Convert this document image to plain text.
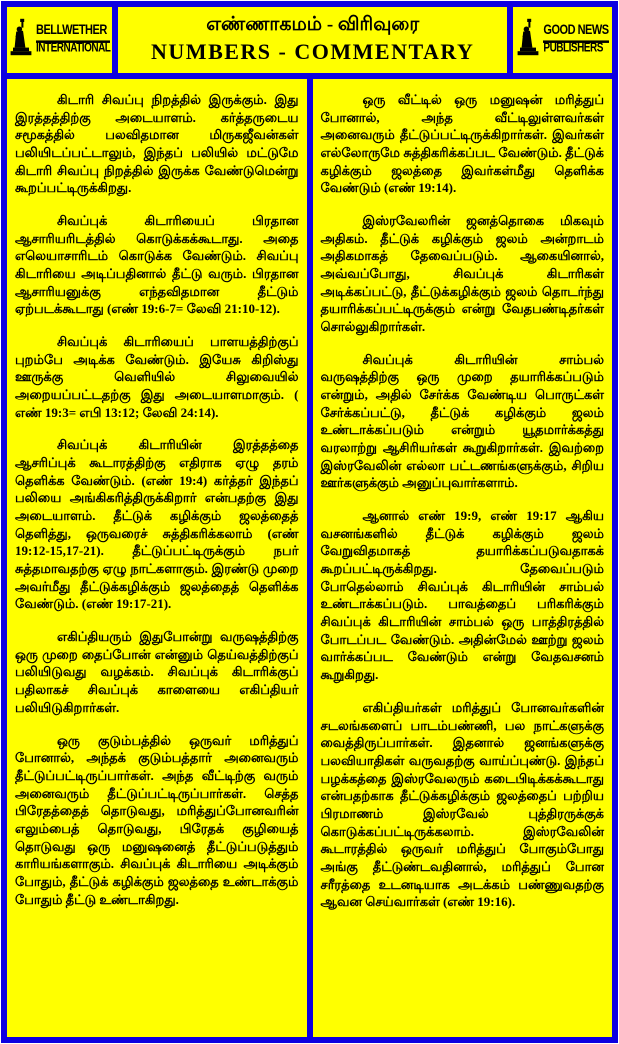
BELLWETHER
INTERNATIONAL
எண்ணாகமம் - விரிவுரை
NUMBERS - COMMENTARY
GOOD NEWS
PUBLISHERS

கிடாரி சிவப்பு நிறத்தில் இருக்கும். இது இரத்தத்திற்கு அடையாளம். கர்த்தருடைய சமூகத்தில் பலவிதமான மிருகஜீவன்கள் பலியிடப்பட்டாலும், இந்தப் பலியில் மட்டுமே கிடாரி சிவப்பு நிறத்தில் இருக்க வேண்டுமென்று கூறப்பட்டிருக்கிறது.

சிவப்புக் கிடாரியைப் பிரதான ஆசாரியரிடத்தில் கொடுக்கக்கூடாது. அதை எலெயாசாரிடம் கொடுக்க வேண்டும். சிவப்பு கிடாரியை அடிப்பதினால் தீட்டு வரும். பிரதான ஆசாரியனுக்கு எந்தவிதமான தீட்டும் ஏற்படக்கூடாது (எண் 19:6-7= லேவி 21:10-12).

சிவப்புக் கிடாரியைப் பாளயத்திற்குப் புறம்பே அடிக்க வேண்டும். இயேசு கிறிஸ்து ஊருக்கு வெளியில் சிலுவையில் அறையப்பட்டதற்கு இது அடையாளமாகும். ( எண் 19:3= எபி 13:12; லேவி 24:14).

சிவப்புக் கிடாரியின் இரத்தத்தை ஆசரிப்புக் கூடாரத்திற்கு எதிராக ஏழு தரம் தெளிக்க வேண்டும். (எண் 19:4) கர்த்தர் இந்தப் பலியை அங்கிகரித்திருக்கிறார் என்பதற்கு இது அடையாளம். தீட்டுக் கழிக்கும் ஜலத்தைத் தெளித்து, ஒருவரைச் சுத்திகரிக்கலாம் (எண் 19:12-15,17-21). தீட்டுப்பட்டிருக்கும் நபர் சுத்தமாவதற்கு ஏழு நாட்களாகும். இரண்டு முறை அவர்மீது தீட்டுக்கழிக்கும் ஜலத்தைத் தெளிக்க வேண்டும். (எண் 19:17-21).

எகிப்தியரும் இதுபோன்று வருஷத்திற்கு ஒரு முறை தைப்போன் என்னும் தெய்வத்திற்குப் பலியிடுவது வழக்கம். சிவப்புக் கிடாரிக்குப் பதிலாகச் சிவப்புக் காளையை எகிப்தியர் பலியிடுகிறார்கள்.

ஒரு குடும்பத்தில் ஒருவர் மரித்துப் போனால், அந்தக் குடும்பத்தார் அனைவரும் தீட்டுப்பட்டிருப்பார்கள். அந்த வீட்டிற்கு வரும் அனைவரும் தீட்டுப்பட்டிருப்பார்கள். செத்த பிரேதத்தைத் தொடுவது, மரித்துப்போனவரின் எலும்பைத் தொடுவது, பிரேதக் குழியைத் தொடுவது ஒரு மனுஷனைத் தீட்டுப்படுத்தும் காரியங்களாகும். சிவப்புக் கிடாரியை அடிக்கும் போதும், தீட்டுக் கழிக்கும் ஜலத்தை உண்டாக்கும் போதும் தீட்டு உண்டாகிறது.

ஒரு வீட்டில் ஒரு மனுஷன் மரித்துப் போனால், அந்த வீட்டிலுள்ளவர்கள் அனைவரும் தீட்டுப்பட்டிருக்கிறார்கள். இவர்கள் எல்லோருமே சுத்திகரிக்கப்பட வேண்டும். தீட்டுக் கழிக்கும் ஜலத்தை இவர்கள்மீது தெளிக்க வேண்டும் (எண் 19:14).

இஸ்ரவேலரின் ஜனத்தொகை மிகவும் அதிகம். தீட்டுக் கழிக்கும் ஜலம் அன்றாடம் அதிகமாகத் தேவைப்படும். ஆகையினால், அவ்வப்போது, சிவப்புக் கிடாரிகள் அடிக்கப்பட்டு, தீட்டுக்கழிக்கும் ஜலம் தொடர்ந்து தயாரிக்கப்பட்டிருக்கும் என்று வேதபண்டிதர்கள் சொல்லுகிறார்கள்.

சிவப்புக் கிடாரியின் சாம்பல் வருஷத்திற்கு ஒரு முறை தயாரிக்கப்படும் என்றும், அதில் சேர்க்க வேண்டிய பொருட்கள் சேர்க்கப்பட்டு, தீட்டுக் கழிக்கும் ஜலம் உண்டாக்கப்படும் என்றும் யூதமார்க்கத்து வரலாற்று ஆசிரியர்கள் கூறுகிறார்கள். இவற்றை இஸ்ரவேலின் எல்லா பட்டணங்களுக்கும், சிறிய ஊர்களுக்கும் அனுப்புவார்களாம்.

ஆனால் எண் 19:9, எண் 19:17 ஆகிய வசனங்களில் தீட்டுக் கழிக்கும் ஜலம் வேறுவிதமாகத் தயாரிக்கப்படுவதாகக் கூறப்பட்டிருக்கிறது. தேவைப்படும் போதெல்லாம் சிவப்புக் கிடாரியின் சாம்பல் உண்டாக்கப்படும். பாவத்தைப் பரிகரிக்கும் சிவப்புக் கிடாரியின் சாம்பல் ஒரு பாத்திரத்தில் போடப்பட வேண்டும். அதின்மேல் ஊற்று ஜலம் வார்க்கப்பட வேண்டும் என்று வேதவசனம் கூறுகிறது.

எகிப்தியர்கள் மரித்துப் போனவர்களின் சடலங்களைப் பாடம்பண்ணி, பல நாட்களுக்கு வைத்திருப்பார்கள். இதனால் ஜனங்களுக்கு பலவியாதிகள் வருவதற்கு வாய்ப்புண்டு. இந்தப் பழக்கத்தை இஸ்ரவேலரும் கடைபிடிக்கக்கூடாது என்பதற்காக தீட்டுக்கழிக்கும் ஜலத்தைப் பற்றிய பிரமாணம் இஸ்ரவேல் புத்திரருக்குக் கொடுக்கப்பட்டிருக்கலாம். இஸ்ரவேலின் கூடாரத்தில் ஒருவர் மரித்துப் போகும்போது அங்கு தீட்டுண்டவதினால், மரித்துப் போன சரீரத்தை உடனடியாக அடக்கம் பண்ணுவதற்கு ஆவன செய்வார்கள் (எண் 19:16).
